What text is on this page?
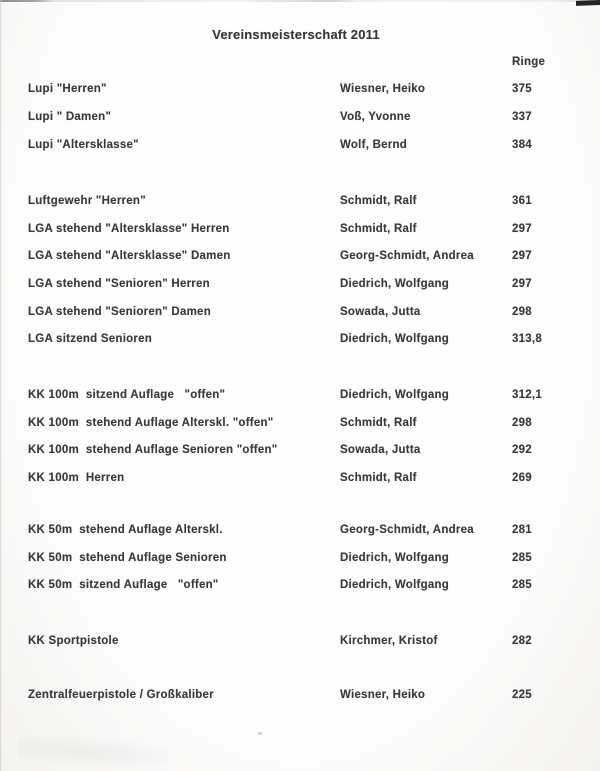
Vereinsmeisterschaft 2011
Ringe
Lupi "Herren"	Wiesner, Heiko	375
Lupi " Damen"	Voß, Yvonne	337
Lupi "Altersklasse"	Wolf, Bernd	384
Luftgewehr "Herren"	Schmidt, Ralf	361
LGA stehend "Altersklasse" Herren	Schmidt, Ralf	297
LGA stehend "Altersklasse" Damen	Georg-Schmidt, Andrea	297
LGA stehend "Senioren" Herren	Diedrich, Wolfgang	297
LGA stehend "Senioren" Damen	Sowada, Jutta	298
LGA sitzend Senioren	Diedrich, Wolfgang	313,8
KK 100m  sitzend Auflage   "offen"	Diedrich, Wolfgang	312,1
KK 100m  stehend Auflage Alterskl. "offen"	Schmidt, Ralf	298
KK 100m  stehend Auflage Senioren "offen"	Sowada, Jutta	292
KK 100m  Herren	Schmidt, Ralf	269
KK 50m  stehend Auflage Alterskl.	Georg-Schmidt, Andrea	281
KK 50m  stehend Auflage Senioren	Diedrich, Wolfgang	285
KK 50m  sitzend Auflage   "offen"	Diedrich, Wolfgang	285
KK Sportpistole	Kirchmer, Kristof	282
Zentralfeuerpistole / Großkaliber	Wiesner, Heiko	225
